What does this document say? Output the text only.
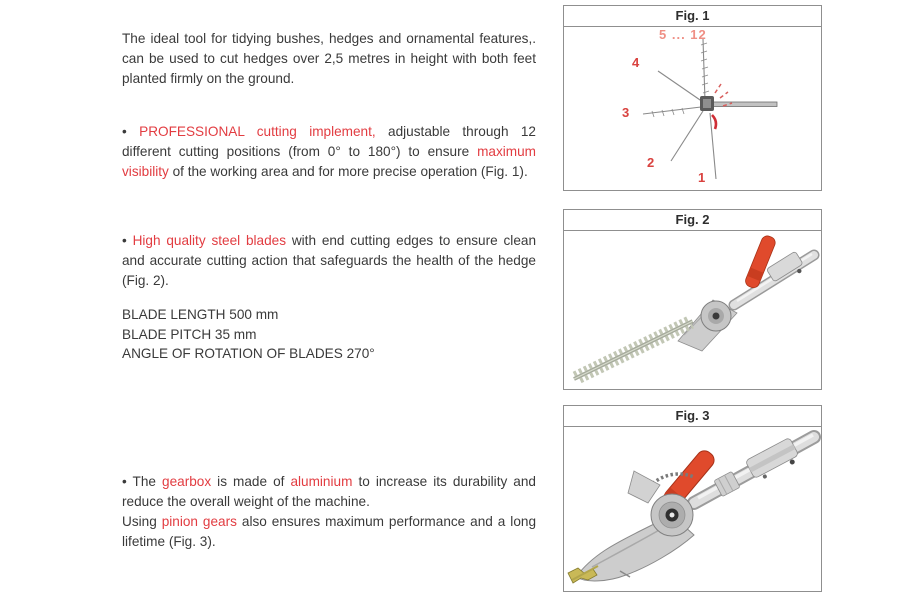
The ideal tool for tidying bushes, hedges and ornamental features,. can be used to cut hedges over 2,5 metres in height with both feet planted firmly on the ground.
• PROFESSIONAL cutting implement, adjustable through 12 different cutting positions (from 0° to 180°) to ensure maximum visibility of the working area and for more precise operation (Fig. 1).
• High quality steel blades with end cutting edges to ensure clean and accurate cutting action that safeguards the health of the hedge (Fig. 2).
BLADE LENGTH 500 mm
BLADE PITCH 35 mm
ANGLE OF ROTATION OF BLADES 270°

• The gearbox is made of aluminium to increase its durability and reduce the overall weight of the machine.

Using pinion gears also ensures maximum performance and a long lifetime (Fig. 3).

Fig. 1
5 ... 12
4
3
2
1
Fig. 2
Fig. 3
